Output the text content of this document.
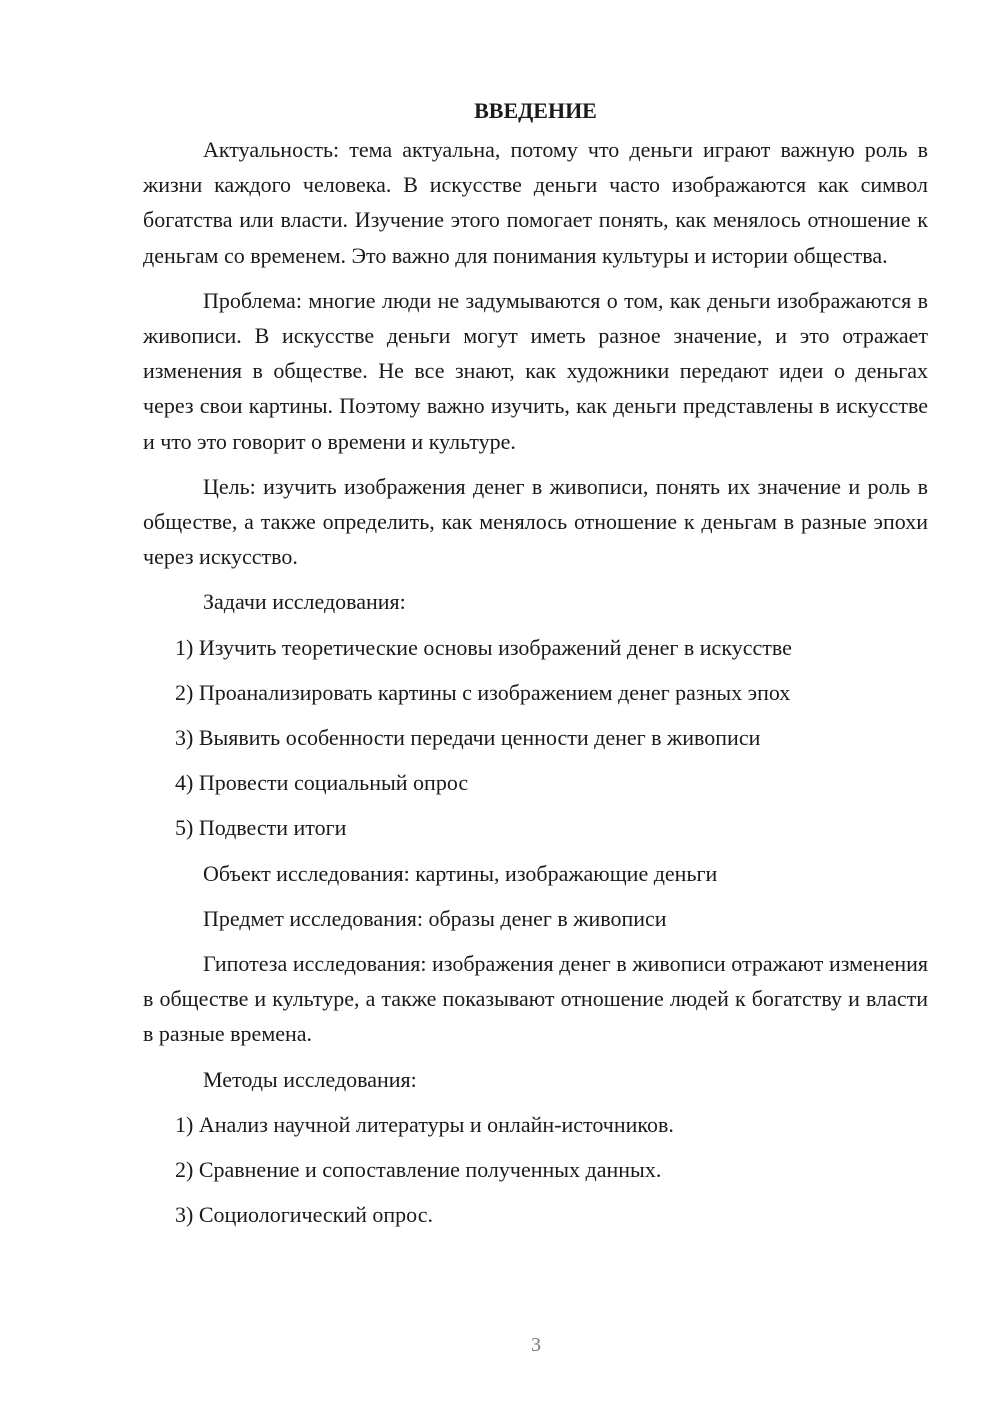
ВВЕДЕНИЕ

Актуальность: тема актуальна, потому что деньги играют важную роль в жизни каждого человека. В искусстве деньги часто изображаются как символ богатства или власти. Изучение этого помогает понять, как менялось отношение к деньгам со временем. Это важно для понимания культуры и истории общества.

Проблема: многие люди не задумываются о том, как деньги изображаются в живописи. В искусстве деньги могут иметь разное значение, и это отражает изменения в обществе. Не все знают, как художники передают идеи о деньгах через свои картины. Поэтому важно изучить, как деньги представлены в искусстве и что это говорит о времени и культуре.

Цель: изучить изображения денег в живописи, понять их значение и роль в обществе, а также определить, как менялось отношение к деньгам в разные эпохи через искусство.

Задачи исследования:

1) Изучить теоретические основы изображений денег в искусстве

2) Проанализировать картины с изображением денег разных эпох

3) Выявить особенности передачи ценности денег в живописи

4) Провести социальный опрос

5) Подвести итоги

Объект исследования: картины, изображающие деньги

Предмет исследования: образы денег в живописи

Гипотеза исследования: изображения денег в живописи отражают изменения в обществе и культуре, а также показывают отношение людей к богатству и власти в разные времена.

Методы исследования:

1) Анализ научной литературы и онлайн-источников.

2) Сравнение и сопоставление полученных данных.

3) Социологический опрос.

3
